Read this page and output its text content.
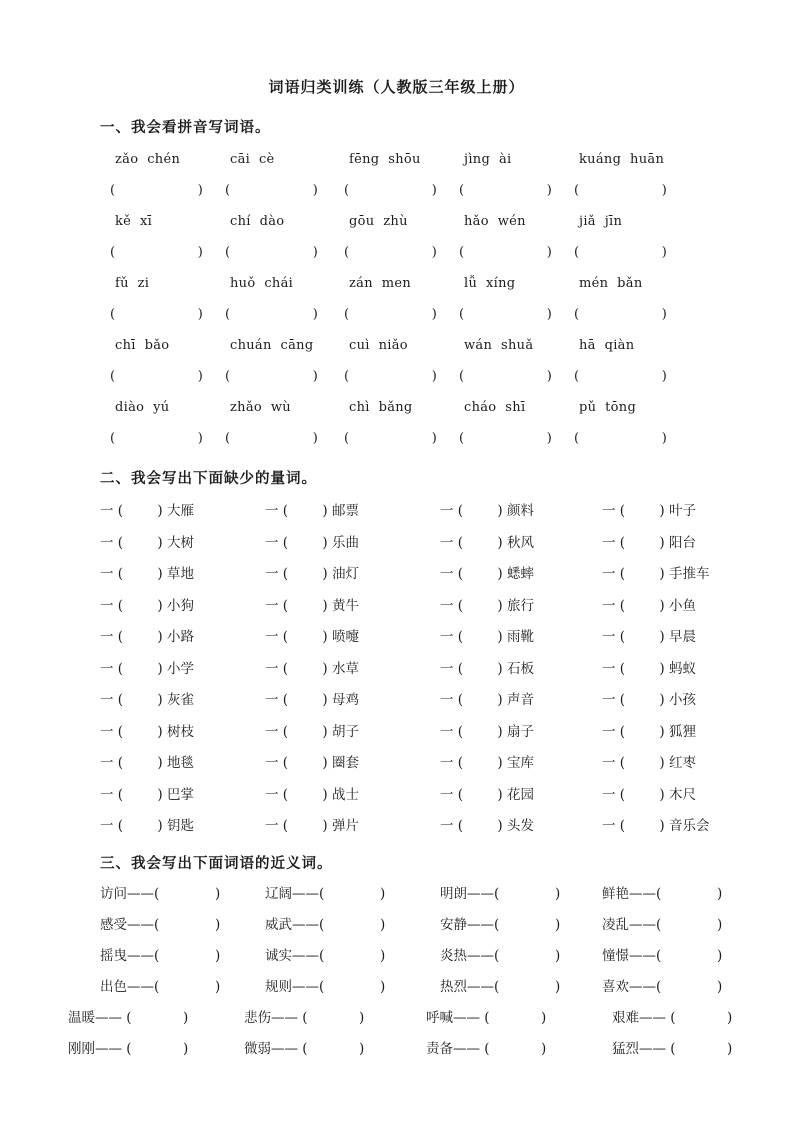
词语归类训练（人教版三年级上册）
一、我会看拼音写词语。
zǎo  chén	cāi  cè	fēng  shōu	jìng  ài	kuáng  huān
(                    )	(                    )	(                    )	(                    )	(                    )
kě  xī	chí  dào	gōu  zhù	hǎo  wén	jiǎ  jīn
(                    )	(                    )	(                    )	(                    )	(                    )
fǔ  zi	huǒ  chái	zán  men	lǚ  xíng	mén  bǎn
(                    )	(                    )	(                    )	(                    )	(                    )
chī  bǎo	chuán  cāng	cuì  niǎo	wán  shuǎ	hā  qiàn
(                    )	(                    )	(                    )	(                    )	(                    )
diào  yú	zhǎo  wù	chì  bǎng	cháo  shī	pǔ  tōng
(                    )	(                    )	(                    )	(                    )	(                    )
二、我会写出下面缺少的量词。
一 (        ) 大雁	一 (        ) 邮票	一 (        ) 颜料	一 (        ) 叶子
一 (        ) 大树	一 (        ) 乐曲	一 (        ) 秋风	一 (        ) 阳台
一 (        ) 草地	一 (        ) 油灯	一 (        ) 蟋蟀	一 (        ) 手推车
一 (        ) 小狗	一 (        ) 黄牛	一 (        ) 旅行	一 (        ) 小鱼
一 (        ) 小路	一 (        ) 喷嚏	一 (        ) 雨靴	一 (        ) 早晨
一 (        ) 小学	一 (        ) 水草	一 (        ) 石板	一 (        ) 蚂蚁
一 (        ) 灰雀	一 (        ) 母鸡	一 (        ) 声音	一 (        ) 小孩
一 (        ) 树枝	一 (        ) 胡子	一 (        ) 扇子	一 (        ) 狐狸
一 (        ) 地毯	一 (        ) 圈套	一 (        ) 宝库	一 (        ) 红枣
一 (        ) 巴掌	一 (        ) 战士	一 (        ) 花园	一 (        ) 木尺
一 (        ) 钥匙	一 (        ) 弹片	一 (        ) 头发	一 (        ) 音乐会
三、我会写出下面词语的近义词。
访问——(             )	辽阔——(             )	明朗——(             )	鲜艳——(             )
感受——(             )	威武——(             )	安静——(             )	凌乱——(             )
摇曳——(             )	诚实——(             )	炎热——(             )	憧憬——(             )
出色——(             )	规则——(             )	热烈——(             )	喜欢——(             )
温暖—— (            )	悲伤—— (            )	呼喊—— (            )	艰难—— (            )
刚刚—— (            )	微弱—— (            )	责备—— (            )	猛烈—— (            )
